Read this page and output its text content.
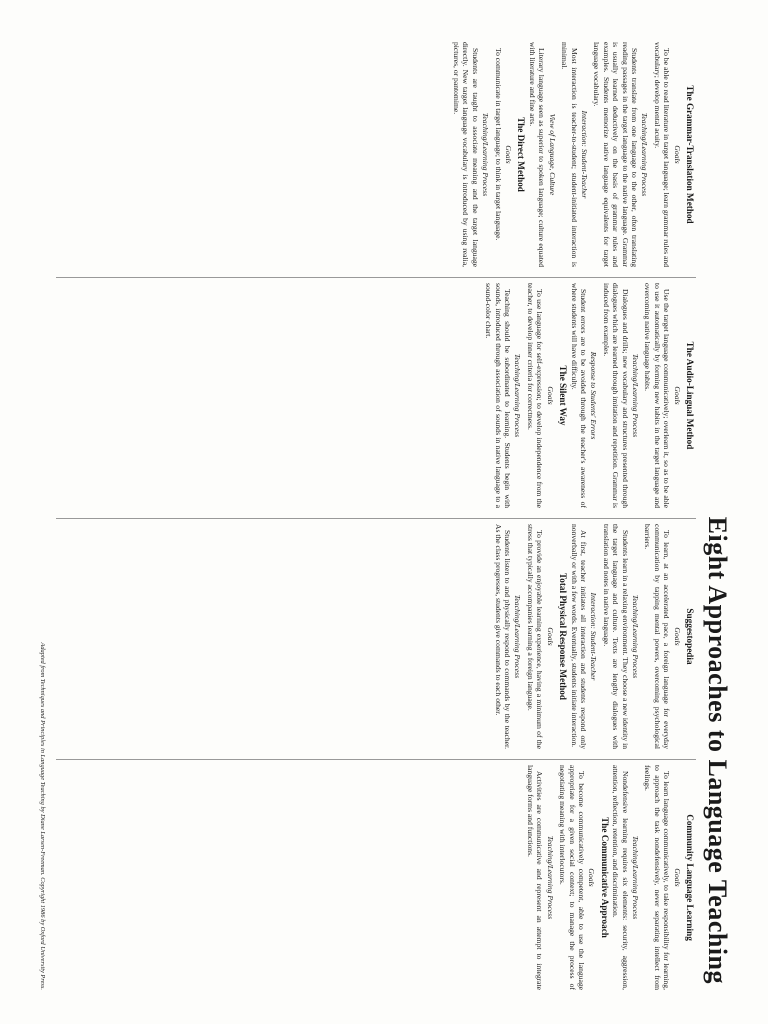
Eight Approaches to Language Teaching
The Grammar-Translation Method
Goals

To be able to read literature in target language; learn grammar rules and vocabulary; develop mental acuity.

Teaching/Learning Process

Students translate from one language to the other, often translating reading passages in the target language to the native language. Grammar is usually learned deductively on the basis of grammar rules and examples. Students memorize native language equivalents for target language vocabulary.

Interaction: Student-Teacher

Most interaction is teacher-to-student; student-initiated interaction is minimal.

View of Language, Culture

Literary language seen as superior to spoken language; culture equated with literature and fine arts.

The Direct Method
Goals

To communicate in target language; to think in target language.

Teaching/Learning Process

Students are taught to associate meaning and the target language directly. New target language vocabulary is introduced by using realia, pictures, or pantomime.

The Audio-Lingual Method
Goals

Use the target language communicatively; overlearn it, so as to be able to use it automatically by forming new habits in the target language and overcoming native language habits.

Teaching/Learning Process

Dialogues and drills; new vocabulary and structures presented through dialogues which are learned through imitation and repetition. Grammar is induced from examples.

Response to Students' Errors

Student errors are to be avoided through the teacher's awareness of where students will have difficulty.

The Silent Way
Goals

To use language for self-expression; to develop independence from the teacher, to develop inner criteria for correctness.

Teaching/Learning Process

Teaching should be subordinated to learning. Students begin with sounds, introduced through association of sounds in native language to a sound-color chart.

Suggestopedia
Goals

To learn, at an accelerated pace, a foreign language for everyday communication by tapping mental powers, overcoming psychological barriers.

Teaching/Learning Process

Students learn in a relaxing environment. They choose a new identity in the target language and culture. Texts are lengthy dialogues with translation and notes in native language.

Interaction: Student-Teacher

At first, teacher initiates all interaction and students respond only nonverbally or with a few words. Eventually, students initiate interaction.

Total Physical Response Method
Goals

To provide an enjoyable learning experience, having a minimum of the stress that typically accompanies learning a foreign language.

Teaching/Learning Process

Students listen to and physically respond to commands by the teacher. As the class progresses, students give commands to each other.

Community Language Learning
Goals

To learn language communicatively, to take responsibility for learning, to approach the task nondefensively, never separating intellect from feelings.

Teaching/Learning Process

Nondefensive learning requires six elements: security, aggression, attention, reflection, retention, and discrimination.

The Communicative Approach
Goals

To become communicatively competent, able to use the language appropriate for a given social context; to manage the process of negotiating meaning with interlocutors.

Teaching/Learning Process

Activities are communicative and represent an attempt to integrate language forms and functions.

Adapted from Techniques and Principles in Language Teaching by Diane Larsen-Freeman. Copyright 1986 by Oxford University Press.
